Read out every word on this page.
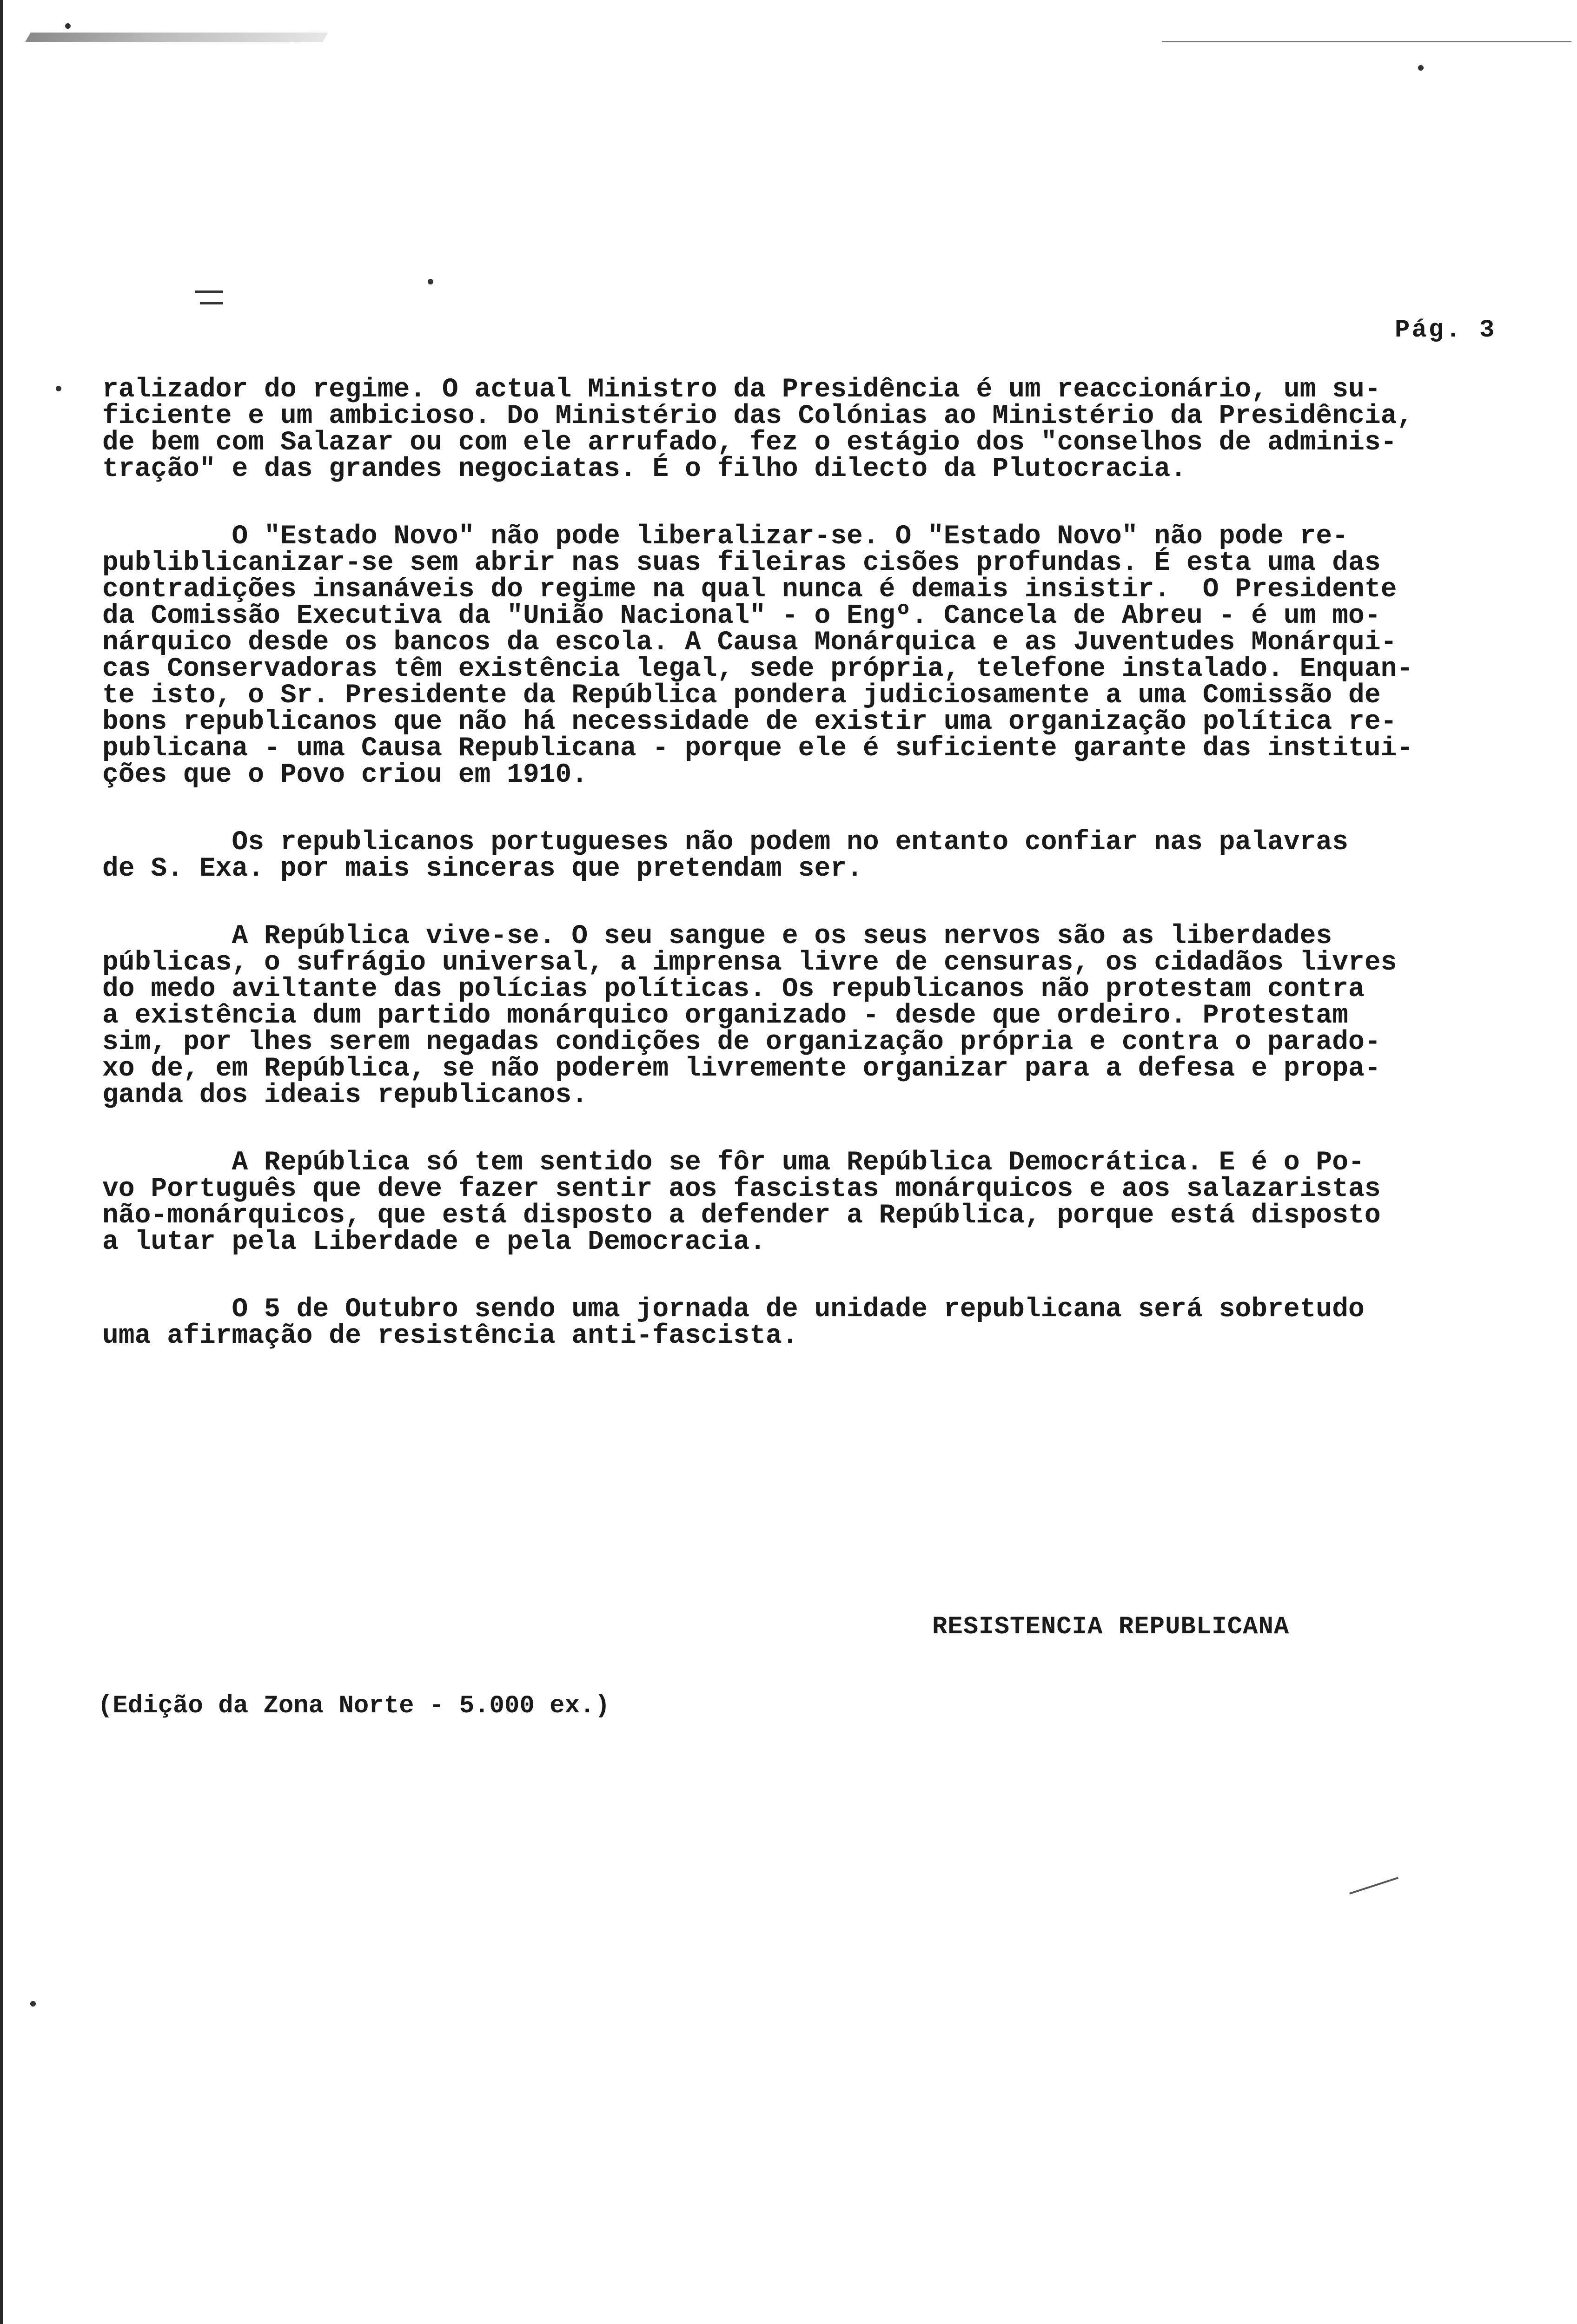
Pág. 3
ralizador do regime. O actual Ministro da Presidência é um reaccionário, um su-
ficiente e um ambicioso. Do Ministério das Colónias ao Ministério da Presidência,
de bem com Salazar ou com ele arrufado, fez o estágio dos "conselhos de adminis-
tração" e das grandes negociatas. É o filho dilecto da Plutocracia.
O "Estado Novo" não pode liberalizar-se. O "Estado Novo" não pode re-
publiblicanizar-se sem abrir nas suas fileiras cisões profundas. É esta uma das
contradições insanáveis do regime na qual nunca é demais insistir.  O Presidente
da Comissão Executiva da "União Nacional" - o Engº. Cancela de Abreu - é um mo-
nárquico desde os bancos da escola. A Causa Monárquica e as Juventudes Monárqui-
cas Conservadoras têm existência legal, sede própria, telefone instalado. Enquan-
te isto, o Sr. Presidente da República pondera judiciosamente a uma Comissão de
bons republicanos que não há necessidade de existir uma organização política re-
publicana - uma Causa Republicana - porque ele é suficiente garante das institui-
ções que o Povo criou em 1910.
Os republicanos portugueses não podem no entanto confiar nas palavras
de S. Exa. por mais sinceras que pretendam ser.
A República vive-se. O seu sangue e os seus nervos são as liberdades
públicas, o sufrágio universal, a imprensa livre de censuras, os cidadãos livres
do medo aviltante das polícias políticas. Os republicanos não protestam contra
a existência dum partido monárquico organizado - desde que ordeiro. Protestam
sim, por lhes serem negadas condições de organização própria e contra o parado-
xo de, em República, se não poderem livremente organizar para a defesa e propa-
ganda dos ideais republicanos.
A República só tem sentido se fôr uma República Democrática. E é o Po-
vo Português que deve fazer sentir aos fascistas monárquicos e aos salazaristas
não-monárquicos, que está disposto a defender a República, porque está disposto
a lutar pela Liberdade e pela Democracia.
O 5 de Outubro sendo uma jornada de unidade republicana será sobretudo
uma afirmação de resistência anti-fascista.
RESISTENCIA REPUBLICANA
(Edição da Zona Norte - 5.000 ex.)
